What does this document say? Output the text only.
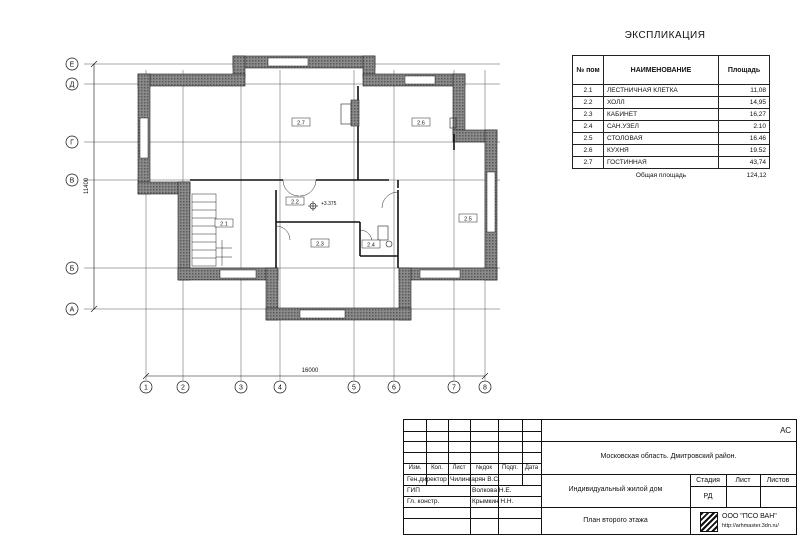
16000
11400
+3.375
2.7	2.6
2.5
2.1
2.2
2.3	2.4
Е
Д
Г
В
Б
А
1	2	3	4	5	6	7	8
ЭКСПЛИКАЦИЯ
№ пом	НАИМЕНОВАНИЕ	Площадь
2.1	ЛЕСТНИЧНАЯ КЛЕТКА	11,08
2.2	ХОЛЛ	14,95
2.3	КАБИНЕТ	16,27
2.4	САН.УЗЕЛ	2.10
2.5	СТОЛОВАЯ	16.46
2.6	КУХНЯ	19.52
2.7	ГОСТИННАЯ	43,74
	Общая площадь	124,12
АС
Московская область. Дмитровский район.
Индивидуальный жилой дом
План второго этажа
Изм.	Кол.	Лист	№док	Подп.	Дата
Ген.директор Чилингарян В.С.
ГИП	Волкова Н.Е.
Гл. констр.	Крымкин Н.Н.
Стадия	Лист	Листов
РД
ООО "ПСО ВАН"
http://arhmaster.3dn.ru/
